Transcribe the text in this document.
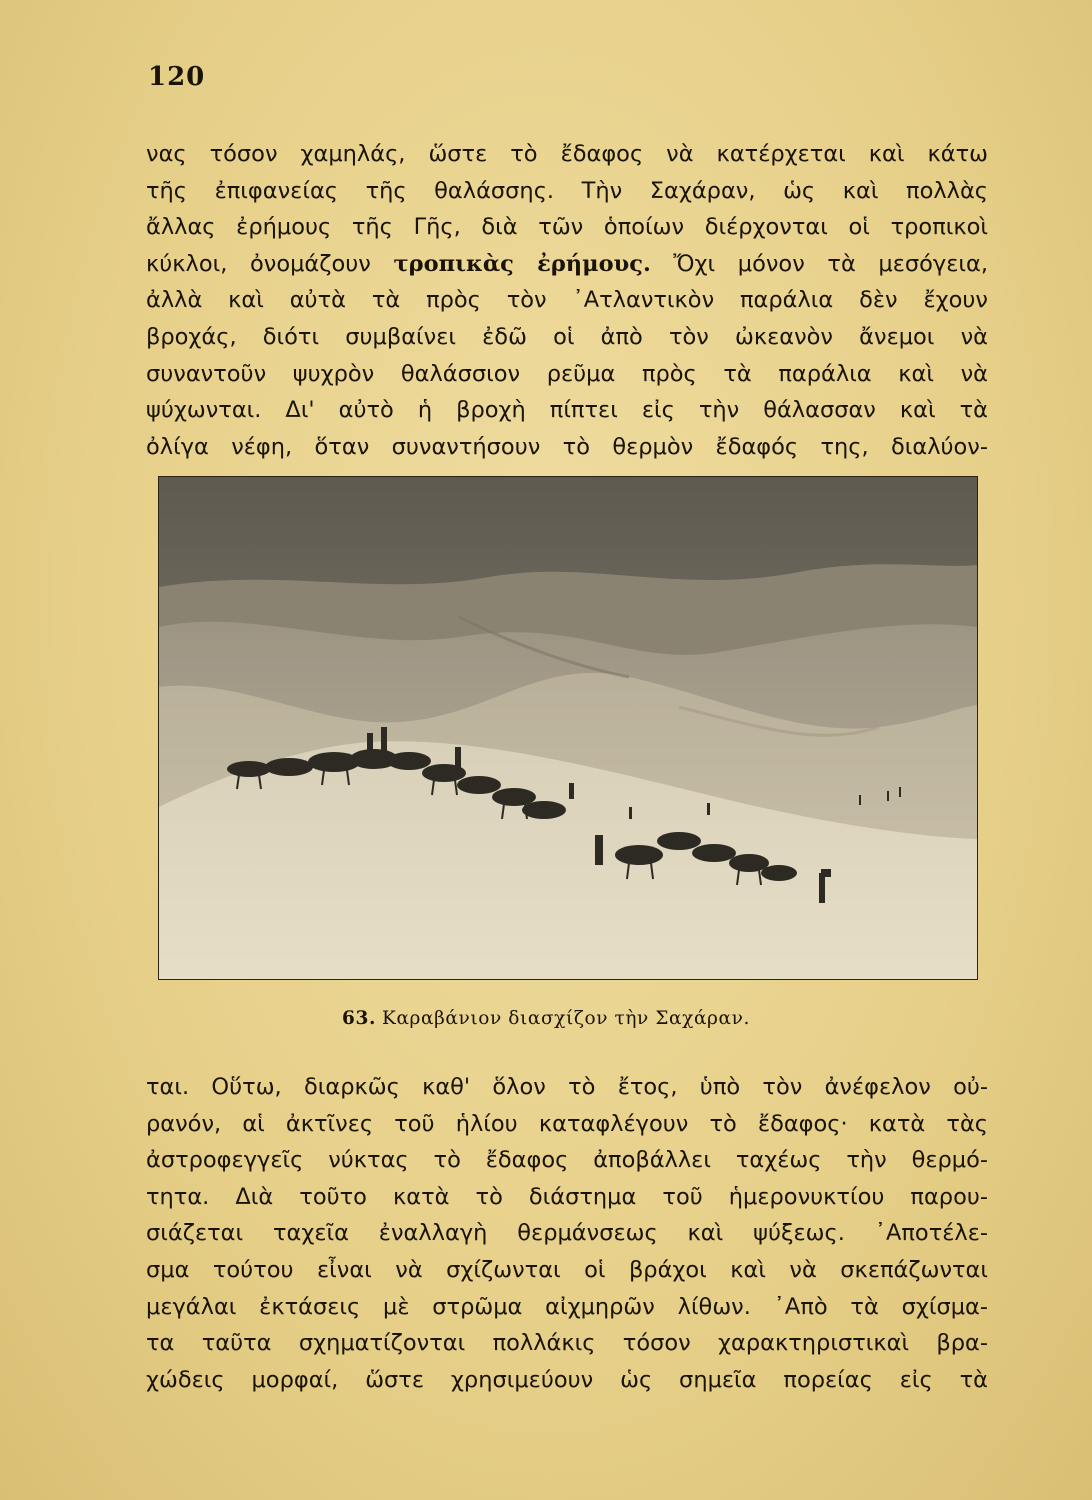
120
νας τόσον χαμηλάς, ὥστε τὸ ἔδαφος νὰ κατέρχεται καὶ κάτω
τῆς ἐπιφανείας τῆς θαλάσσης. Τὴν Σαχάραν, ὡς καὶ πολλὰς
ἄλλας ἐρήμους τῆς Γῆς, διὰ τῶν ὁποίων διέρχονται οἱ τροπικοὶ
κύκλοι, ὀνομάζουν τροπικὰς ἐρήμους. Ὄχι μόνον τὰ μεσόγεια,
ἀλλὰ καὶ αὐτὰ τὰ πρὸς τὸν ᾿Ατλαντικὸν παράλια δὲν ἔχουν
βροχάς, διότι συμβαίνει ἐδῶ οἱ ἀπὸ τὸν ὠκεανὸν ἄνεμοι νὰ
συναντοῦν ψυχρὸν θαλάσσιον ρεῦμα πρὸς τὰ παράλια καὶ νὰ
ψύχωνται. Δι' αὐτὸ ἡ βροχὴ πίπτει εἰς τὴν θάλασσαν καὶ τὰ
ὀλίγα νέφη, ὅταν συναντήσουν τὸ θερμὸν ἔδαφός της, διαλύον-
63. Καραβάνιον διασχίζον τὴν Σαχάραν.
ται. Οὕτω, διαρκῶς καθ' ὅλον τὸ ἔτος, ὑπὸ τὸν ἀνέφελον οὐ-
ρανόν, αἱ ἀκτῖνες τοῦ ἡλίου καταφλέγουν τὸ ἔδαφος· κατὰ τὰς
ἀστροφεγγεῖς νύκτας τὸ ἔδαφος ἀποβάλλει ταχέως τὴν θερμό-
τητα. Διὰ τοῦτο κατὰ τὸ διάστημα τοῦ ἡμερονυκτίου παρου-
σιάζεται ταχεῖα ἐναλλαγὴ θερμάνσεως καὶ ψύξεως. ᾿Αποτέλε-
σμα τούτου εἶναι νὰ σχίζωνται οἱ βράχοι καὶ νὰ σκεπάζωνται
μεγάλαι ἐκτάσεις μὲ στρῶμα αἰχμηρῶν λίθων. ᾿Απὸ τὰ σχίσμα-
τα ταῦτα σχηματίζονται πολλάκις τόσον χαρακτηριστικαὶ βρα-
χώδεις μορφαί, ὥστε χρησιμεύουν ὡς σημεῖα πορείας εἰς τὰ
